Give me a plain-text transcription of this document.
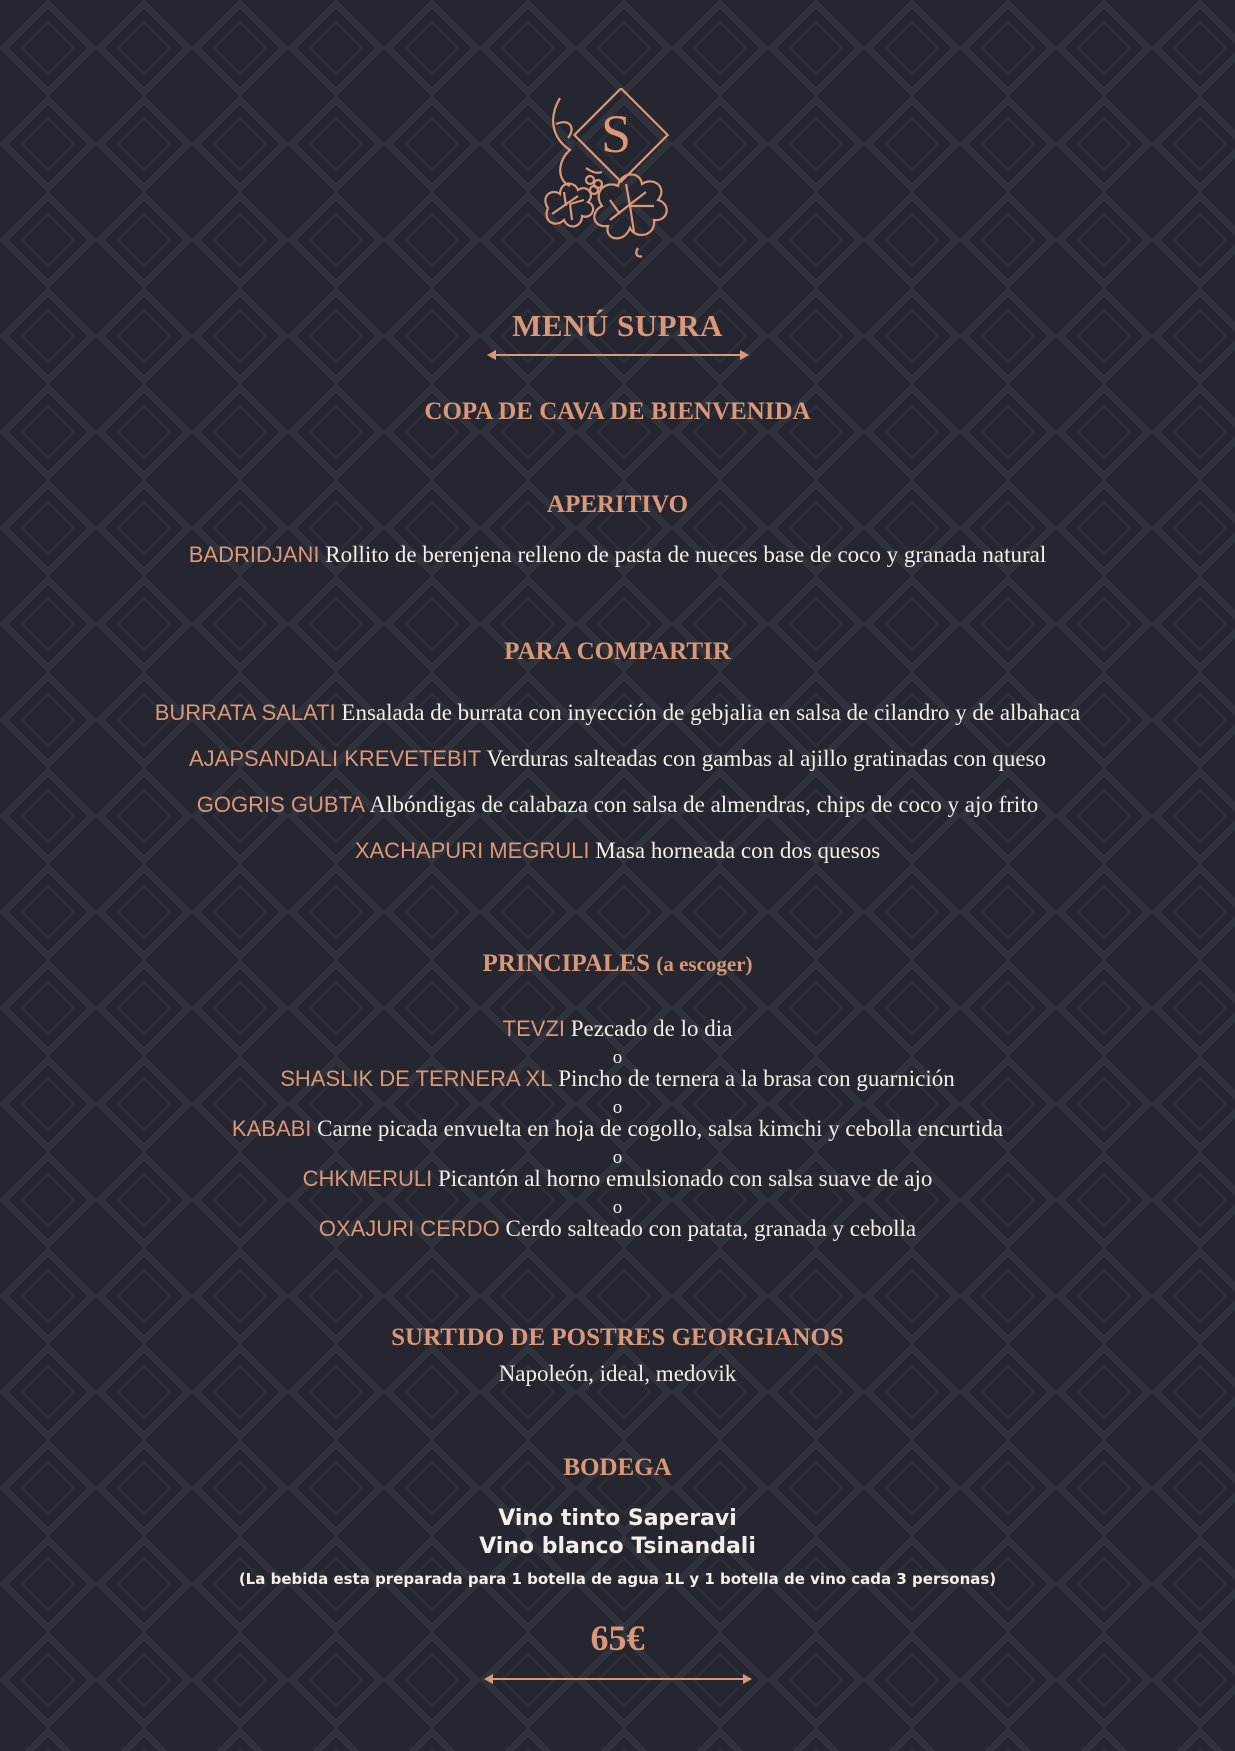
S
MENÚ SUPRA
COPA DE CAVA DE BIENVENIDA
APERITIVO
BADRIDJANI Rollito de berenjena relleno de pasta de nueces base de coco y granada natural
PARA COMPARTIR
BURRATA SALATI Ensalada de burrata con inyección de gebjalia en salsa de cilandro y de albahaca
AJAPSANDALI KREVETEBIT Verduras salteadas con gambas al ajillo gratinadas con queso
GOGRIS GUBTA Albóndigas de calabaza con salsa de almendras, chips de coco y ajo frito
XACHAPURI MEGRULI Masa horneada con dos quesos
PRINCIPALES (a escoger)
TEVZI Pezcado de lo dia
o
SHASLIK DE TERNERA XL Pincho de ternera a la brasa con guarnición
o
KABABI Carne picada envuelta en hoja de cogollo, salsa kimchi y cebolla encurtida
o
CHKMERULI Picantón al horno emulsionado con salsa suave de ajo
o
OXAJURI CERDO Cerdo salteado con patata, granada y cebolla
SURTIDO DE POSTRES GEORGIANOS
Napoleón, ideal, medovik
BODEGA
Vino tinto Saperavi
Vino blanco Tsinandali
(La bebida esta preparada para 1 botella de agua 1L y 1 botella de vino cada 3 personas)
65€
